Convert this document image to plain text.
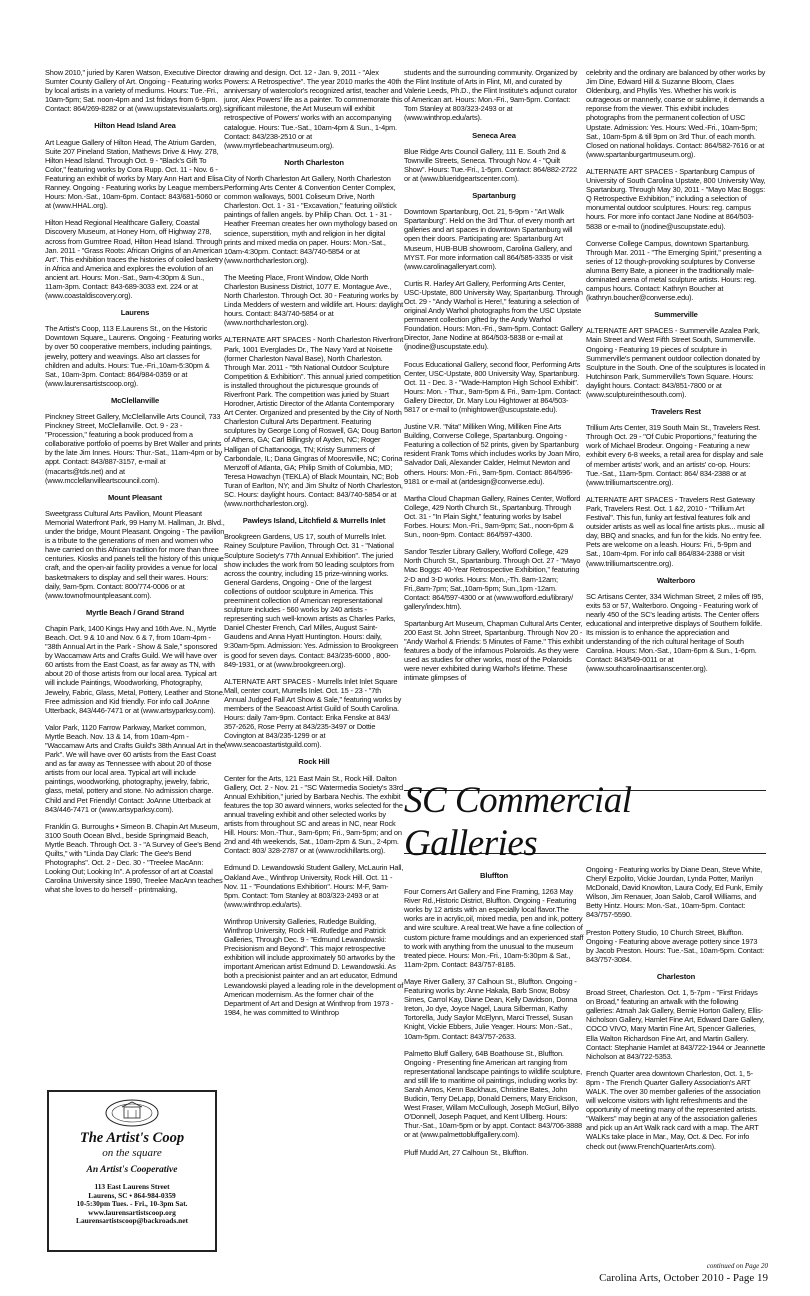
Show 2010," juried by Karen Watson, Executive Director Sumter County Gallery of Art. Ongoing - Featuring works by local artists in a variety of mediums. Hours: Tue.-Fri., 10am-5pm; Sat. noon-4pm and 1st fridays from 6-9pm. Contact: 864/269-8282 or at (www.upstatevisualarts.org).

Hilton Head Island Area

Art League Gallery of Hilton Head, The Atrium Garden, Suite 207 Pineland Station, Mathews Drive & Hwy. 278, Hilton Head Island. Through Oct. 9 - "Black's Gift To Color," featuring works by Cora Rupp. Oct. 11 - Nov. 6 - Featuring an exhibit of works by Mary Ann Hart and Elisa Ranney. Ongoing - Featuring works by League members. Hours: Mon.-Sat., 10am-6pm. Contact: 843/681-5060 or at (www.HHAL.org).

Hilton Head Regional Healthcare Gallery, Coastal Discovery Museum, at Honey Horn, off Highway 278, across from Gumtree Road, Hilton Head Island. Through Jan. 2011 - "Grass Roots: African Origins of an American Art". This exhibition traces the histories of coiled basketry in Africa and America and explores the evolution of an ancient art. Hours: Mon.-Sat., 9am-4:30pm & Sun., 11am-3pm. Contact: 843-689-3033 ext. 224 or at (www.coastaldiscovery.org).

Laurens

The Artist's Coop, 113 E.Laurens St., on the Historic Downtown Square,, Laurens. Ongoing - Featuring works by over 50 cooperative members, including paintings, jewelry, pottery and weavings. Also art classes for children and adults. Hours: Tue.-Fri.,10am-5:30pm & Sat., 10am-3pm. Contact: 864/984-0359 or at (www.laurensartistscoop.org).

McClellanville

Pinckney Street Gallery, McClellanville Arts Council, 733 Pinckney Street, McClellanville. Oct. 9 - 23 - "Procession," featuring a book produced from a collaborative portfolio of poems by Bret Waller and prints by the late Jim Innes. Hours: Thur.-Sat., 11am-4pm or by appt. Contact: 843/887-3157, e-mail at (macarts@tds.net) and at (www.mcclellanvilleartscouncil.com).

Mount Pleasant

Sweetgrass Cultural Arts Pavilion, Mount Pleasant Memorial Waterfront Park, 99 Harry M. Hallman, Jr. Blvd., under the bridge, Mount Pleasant. Ongoing - The pavilion is a tribute to the generations of men and women who have carried on this African tradition for more than three centuries. Kiosks and panels tell the history of this unique craft, and the open-air facility provides a venue for local basketmakers to display and sell their wares. Hours: daily, 9am-5pm. Contact: 800/774-0006 or at (www.townofmountpleasant.com).

Myrtle Beach / Grand Strand

Chapin Park, 1400 Kings Hwy and 16th Ave. N., Myrtle Beach. Oct. 9 & 10 and Nov. 6 & 7, from 10am-4pm - "38th Annual Art in the Park - Show & Sale," sponsored by Waccamaw Arts and Crafts Guild. We will have over 60 artists from the East Coast, as far away as TN, with about 20 of those artists from our local area. Typical art will include Paintings, Woodworking, Photography, Jewelry, Fabric, Glass, Metal, Pottery, Leather and Stone. Free admission and Kid friendly. For info call JoAnne Utterback, 843/446-7471 or at (www.artsyparksy.com).

Valor Park, 1120 Farrow Parkway, Market common, Myrtle Beach. Nov. 13 & 14, from 10am-4pm - "Waccamaw Arts and Crafts Guild's 38th Annual Art in the Park". We will have over 60 artists from the East Coast and as far away as Tennessee with about 20 of those artists from our local area. Typical art will include paintings, woodworking, photography, jewelry, fabric, glass, metal, pottery and stone. No admission charge. Child and Pet Friendly! Contact: JoAnne Utterback at 843/446-7471 or (www.artsyparksy.com).

Franklin G. Burroughs • Simeon B. Chapin Art Museum, 3100 South Ocean Blvd., beside Springmaid Beach, Myrtle Beach. Through Oct. 3 - "A Survey of Gee's Bend Quilts," with "Linda Day Clark: The Gee's Bend Photographs". Oct. 2 - Dec. 30 - "Treelee MacAnn: Looking Out; Looking In". A professor of art at Coastal Carolina University since 1990, Treelee MacAnn teaches what she loves to do herself - printmaking,

The Artist's Coop
on the square
An Artist's Cooperative
113 East Laurens Street
Laurens, SC • 864-984-0359
10-5:30pm Tues. - Fri., 10-3pm Sat.
www.laurensartistscoop.org
Laurensartistscoop@backroads.net

drawing and design. Oct. 12 - Jan. 9, 2011 - "Alex Powers: A Retrospective". The year 2010 marks the 40th anniversary of watercolor's recognized artist, teacher and juror, Alex Powers' life as a painter. To commemorate this significant milestone, the Art Museum will exhibit retrospective of Powers' works with an accompanying catalogue. Hours: Tue.-Sat., 10am-4pm & Sun., 1-4pm. Contact: 843/238-2510 or at (www.myrtlebeachartmuseum.org).

North Charleston

City of North Charleston Art Gallery, North Charleston Performing Arts Center & Convention Center Complex, common walkways, 5001 Coliseum Drive, North Charleston. Oct. 1 - 31 - "Excavation," featuring oil/stick paintings of fallen angels. by Philip Chan. Oct. 1 - 31 - Heather Freeman creates her own mythology based on science, superstition, myth and religion in her digital prints and mixed media on paper. Hours: Mon.-Sat., 10am-4:30pm. Contact: 843/740-5854 or at (www.northcharleston.org).

The Meeting Place, Front Window, Olde North Charleston Business District, 1077 E. Montague Ave., North Charleston. Through Oct. 30 - Featuring works by Linda Medders of western and wildlife art. Hours: daylight hours. Contact: 843/740-5854 or at (www.northcharleston.org).

ALTERNATE ART SPACES - North Charleston Riverfront Park, 1001 Everglades Dr., The Navy Yard at Noisette (former Charleston Naval Base), North Charleston. Through Mar. 2011 - "5th National Outdoor Sculpture Competition & Exhibition". This annual juried competition is installed throughout the picturesque grounds of Riverfront Park. The competition was juried by Stuart Horodner, Artistic Director of the Atlanta Contemporary Art Center. Organized and presented by the City of North Charleston Cultural Arts Department. Featuring sculptures by George Long of Roswell, GA; Doug Barton of Athens, GA; Carl Billingsly of Ayden, NC; Roger Halligan of Chattanooga, TN; Kristy Summers of Carbondale, IL; Dana Gingras of Mooresville, NC; Corina Menzoff of Atlanta, GA; Philip Smith of Columbia, MD; Teresa Howachyn (TEKLA) of Black Mountain, NC; Bob Turan of Earlton, NY; and Jim Shultz of North Charleston, SC. Hours: daylight hours. Contact: 843/740-5854 or at (www.northcharleston.org).

Pawleys Island, Litchfield & Murrells Inlet

Brookgreen Gardens, US 17, south of Murrells Inlet. Rainey Sculpture Pavilion, Through Oct. 31 - "National Sculpture Society's 77th Annual Exhibition". The juried show includes the work from 50 leading sculptors from across the country, including 15 prize-winning works. General Gardens, Ongoing - One of the largest collections of outdoor sculpture in America. This preeminent collection of American representational sculpture includes - 560 works by 240 artists - representing such well-known artists as Charles Parks, Daniel Chester French, Carl Milles, August Saint-Gaudens and Anna Hyatt Huntington. Hours: daily, 9:30am-5pm. Admission: Yes. Admission to Brookgreen is good for seven days. Contact: 843/235-6000 , 800-849-1931, or at (www.brookgreen.org).

ALTERNATE ART SPACES - Murrells Inlet Inlet Square Mall, center court, Murrells Inlet. Oct. 15 - 23 - "7th Annual Judged Fall Art Show & Sale," featuring works by members of the Seacoast Artist Guild of South Carolina. Hours: daily 7am-9pm. Contact: Erika Fenske at 843/ 357-2626, Rose Perry at 843/235-3497 or Dottie Covington at 843/235-1299 or at (www.seacoastartistguild.com).

Rock Hill

Center for the Arts, 121 East Main St., Rock Hill. Dalton Gallery, Oct. 2 - Nov. 21 - "SC Watermedia Society's 33rd Annual Exhibition," juried by Barbara Nechis. The exhibit features the top 30 award winners, works selected for the annual traveling exhibit and other selected works by artists from throughout SC and areas in NC, near Rock Hill. Hours: Mon.-Thur., 9am-6pm; Fri., 9am-5pm; and on 2nd and 4th weekends, Sat., 10am-2pm & Sun., 2-4pm. Contact: 803/ 328-2787 or at (www.rockhillarts.org).

Edmund D. Lewandowski Student Gallery, McLaurin Hall, Oakland Ave., Winthrop University, Rock Hill. Oct. 11 - Nov. 11 - "Foundations Exhibition". Hours: M-F, 9am-5pm. Contact: Tom Stanley at 803/323-2493 or at (www.winthrop.edu/arts).

Winthrop University Galleries, Rutledge Building, Winthrop University, Rock Hill. Rutledge and Patrick Galleries, Through Dec. 9 - "Edmund Lewandowski: Precisionism and Beyond". This major retrospective exhibition will include approximately 50 artworks by the important American artist Edmund D. Lewandowski. As both a precisionist painter and an art educator, Edmund Lewandowski played a leading role in the development of American modernism. As the former chair of the Department of Art and Design at Winthrop from 1973 - 1984, he was committed to Winthrop

students and the surrounding community. Organized by the Flint Institute of Arts in Flint, MI, and curated by Valerie Leeds, Ph.D., the Flint Institute's adjunct curator of American art. Hours: Mon.-Fri., 9am-5pm. Contact: Tom Stanley at 803/323-2493 or at (www.winthrop.edu/arts).

Seneca Area

Blue Ridge Arts Council Gallery, 111 E. South 2nd & Townville Streets, Seneca. Through Nov. 4 - "Quilt Show". Hours: Tue.-Fri., 1-5pm. Contact: 864/882-2722 or at (www.blueridgeartscenter.com).

Spartanburg

Downtown Spartanburg, Oct. 21, 5-9pm - "Art Walk Spartanburg". Held on the 3rd Thur. of every month art galleries and art spaces in downtown Spartanburg will open their doors. Participating are: Spartanburg Art Museum, HUB-BUB showroom, Carolina Gallery, and MYST. For more information call 864/585-3335 or visit (www.carolinagalleryart.com).

Curtis R. Harley Art Gallery, Performing Arts Center, USC-Upstate, 800 University Way, Spartanburg. Through Oct. 29 - "Andy Warhol is Here!," featuring a selection of original Andy Warhol photographs from the USC Upstate permanent collection gifted by the Andy Warhol Foundation. Hours: Mon.-Fri., 9am-5pm. Contact: Gallery Director, Jane Nodine at 864/503-5838 or e-mail at (jnodine@uscupstate.edu).

Focus Educational Gallery, second floor, Performing Arts Center, USC-Upstate, 800 University Way, Spartanburg. Oct. 11 - Dec. 3 - "Wade-Hampton High School Exhibit". Hours: Mon. - Thur., 9am-5pm & Fri., 9am-1pm. Contact: Gallery Director, Dr. Mary Lou Hightower at 864/503-5817 or e-mail to (mhightower@uscupstate.edu).

Justine V.R. "Nita" Milliken Wing, Milliken Fine Arts Building, Converse College, Spartanburg. Ongoing - Featuring a collection of 52 prints, given by Spartanburg resident Frank Toms which includes works by Joan Miro, Salvador Dali, Alexander Calder, Helmut Newton and others. Hours: Mon.-Fri., 9am-5pm. Contact: 864/596-9181 or e-mail at (artdesign@converse.edu).

Martha Cloud Chapman Gallery, Raines Center, Wofford College, 429 North Church St., Spartanburg. Through Oct. 31 - "In Plain Sight," featuring works by Isabel Forbes. Hours: Mon.-Fri., 9am-9pm; Sat., noon-6pm & Sun., noon-9pm. Contact: 864/597-4300.

Sandor Teszler Library Gallery, Wofford College, 429 North Church St., Spartanburg. Through Oct. 27 - "Mayo Mac Boggs: 40-Year Retrospective Exhibition," featuring 2-D and 3-D works. Hours: Mon.,-Th. 8am-12am; Fri.,8am-7pm; Sat.,10am-5pm; Sun.,1pm -12am. Contact: 864/597-4300 or at (www.wofford.edu/library/ gallery/index.htm).

Spartanburg Art Museum, Chapman Cultural Arts Center, 200 East St. John Street, Spartanburg. Through Nov 20 - "Andy Warhol & Friends: 5 Minutes of Fame." This exhibit features a body of the infamous Polaroids. As they were used as studies for other works, most of the Polaroids were never exhibited during Warhol's lifetime. These intimate glimpses of

celebrity and the ordinary are balanced by other works by Jim Dine, Edward Hill & Suzanne Bloom, Claes Oldenburg, and Phyllis Yes. Whether his work is outrageous or mannerly, coarse or sublime, it demands a reponse from the viewer. This exhibit includes photographs from the permanent collection of USC Upstate. Admission: Yes. Hours: Wed.-Fri., 10am-5pm; Sat., 10am-5pm & till 9pm on 3rd Thur. of each month. Closed on national holidays. Contact: 864/582-7616 or at (www.spartanburgartmuseum.org).

ALTERNATE ART SPACES - Spartanburg Campus of University of South Carolina Upstate, 800 University Way, Spartanburg. Through May 30, 2011 - "Mayo Mac Boggs: Q Retrospective Exhibition," including a selection of monumental outdoor sculptures. Hours: reg. campus hours. For more info contact Jane Nodine at 864/503-5838 or e-mail to (jnodine@uscupstate.edu).

Converse College Campus, downtown Spartanburg. Through Mar. 2011 - "The Emerging Spirit," presenting a series of 12 though-provoking sculptures by Converse alumna Berry Bate, a pioneer in the traditionally male-dominated arena of metal sculpture artists. Hours: reg. campus hours. Contact: Kathryn Boucher at (kathryn.boucher@converse.edu).

Summerville

ALTERNATE ART SPACES - Summerville Azalea Park, Main Street and West Fifth Street South, Summerville. Ongoing - Featuring 19 pieces of sculpture in Summerville's permanent outdoor collection donated by Sculpture in the South. One of the sculptures is located in Hutchinson Park, Summerville's Town Square. Hours: daylight hours. Contact: 843/851-7800 or at (www.sculptureinthesouth.com).

Travelers Rest

Trillium Arts Center, 319 South Main St., Travelers Rest. Through Oct. 29 - "Of Cubic Proportions," featuring the work of Michael Brodeur. Ongoing - Featuring a new exhibit every 6-8 weeks, a retail area for display and sale of member artists' work, and an artists' co-op. Hours: Tue.-Sat., 11am-5pm. Contact: 864/ 834-2388 or at (www.trilliumartscentre.org).

ALTERNATE ART SPACES - Travelers Rest Gateway Park, Travelers Rest. Oct. 1 &2, 2010 - "Trillium Art Festival". This fun, funky art festival features folk and outsider artists as well as local fine artists plus... music all day, BBQ and snacks, and fun for the kids. No entry fee. Pets are welcome on a leash. Hours: Fri., 5-9pm and Sat., 10am-4pm. For info call 864/834-2388 or visit (www.trilliumartscentre.org).

Walterboro

SC Artisans Center, 334 Wichman Street, 2 miles off I95, exits 53 or 57, Walterboro. Ongoing - Featuring work of nearly 450 of the SC's leading artists. The Center offers educational and interpretive displays of Southern folklife. Its mission is to enhance the appreciation and understanding of the rich cultural heritage of South Carolina. Hours: Mon.-Sat., 10am-6pm & Sun., 1-6pm. Contact: 843/549-0011 or at (www.southcarolinaartisanscenter.org).

SC Commercial Galleries
Bluffton

Four Corners Art Gallery and Fine Framing, 1263 May River Rd.,Historic District, Bluffton. Ongoing - Featuring works by 12 artists with an especially local flavor.The works are in acrylic,oil, mixed media, pen and ink, pottery and wire sculture. A real treat.We have a fine collection of custom picture frame mouldings and an experienced staff to work with anything from the unusual to the museum treated piece. Hours: Mon.-Fri., 10am-5:30pm & Sat., 11am-2pm. Contact: 843/757-8185.

Maye River Gallery, 37 Calhoun St., Bluffton. Ongoing - Featuring works by: Anne Hakala, Barb Snow, Bobsy Simes, Carrol Kay, Diane Dean, Kelly Davidson, Donna Ireton, Jo dye, Joyce Nagel, Laura Silberman, Kathy Tortorella, Judy Saylor McElynn, Marci Tressel, Susan Knight, Vickie Ebbers, Julie Yeager. Hours: Mon.-Sat., 10am-5pm. Contact: 843/757-2633.

Palmetto Bluff Gallery, 64B Boathouse St., Bluffton. Ongoing - Presenting fine American art ranging from representational landscape paintings to wildlife sculpture, and still life to maritime oil paintings, including works by: Sarah Amos, Kenn Backhaus, Christine Bates, John Budicin, Terry DeLapp, Donald Demers, Mary Erickson, West Fraser, Willam McCullough, Joseph McGurl, Billyo O'Donnell, Joseph Paquet, and Kent Ullberg. Hours: Thur.-Sat., 10am-5pm or by appt. Contact: 843/706-3888 or at (www.palmettobluffgallery.com).

Pluff Mudd Art, 27 Calhoun St., Bluffton.

Ongoing - Featuring works by Diane Dean, Steve White, Cheryl Ezpolito, Vickie Jourdan, Lynda Potter, Marilyn McDonald, David Knowlton, Laura Cody, Ed Funk, Emily Wilson, Jim Renauer, Joan Salob, Caroll Williams, and Betty Hintz. Hours: Mon.-Sat., 10am-5pm. Contact: 843/757-5590.

Preston Pottery Studio, 10 Church Street, Bluffton. Ongoing - Featuring above average pottery since 1973 by Jacob Preston. Hours: Tue.-Sat., 10am-5pm. Contact: 843/757-3084.

Charleston

Broad Street, Charleston. Oct. 1, 5-7pm - "First Fridays on Broad," featuring an artwalk with the following galleries: Atmah Jak Gallery, Bernie Horton Gallery, Ellis-Nicholson Gallery, Hamlet Fine Art, Edward Dare Gallery, COCO VIVO, Mary Martin Fine Art, Spencer Galleries, Ella Walton Richardson Fine Art, and Martin Gallery. Contact: Stephanie Hamlet at 843/722-1944 or Jeannette Nicholson at 843/722-5353.

French Quarter area downtown Charleston, Oct. 1, 5-8pm - The French Quarter Gallery Association's ART WALK. The over 30 member galleries of the association will welcome visitors with light refreshments and the opportunity of meeting many of the represented artists. "Walkers" may begin at any of the association galleries and pick up an Art Walk rack card with a map. The ART WALKs take place in Mar., May, Oct. & Dec. For info check out (www.FrenchQuarterArts.com).

continued on Page 20
Carolina Arts, October 2010 - Page 19
